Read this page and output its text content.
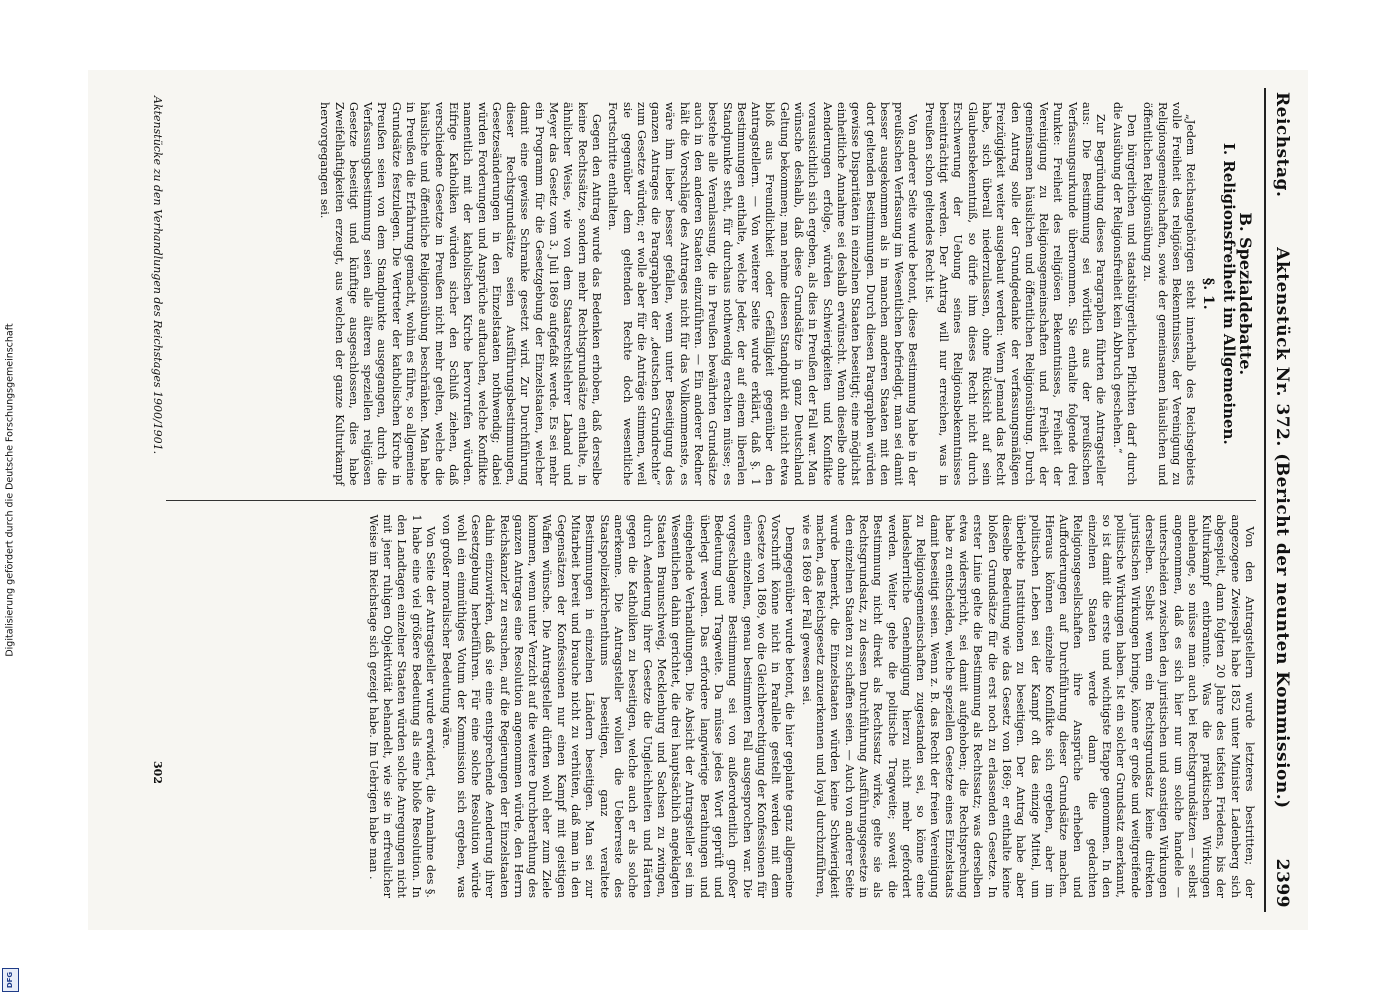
Digitalisierung gefördert durch die Deutsche Forschungsgemeinschaft
DFG
Reichstag.
Aktenstück Nr. 372. (Bericht der neunten Kommission.)
2399
B. Spezialdebatte.
I. Religionsfreiheit im Allgemeinen.
§. 1.

„Jedem Reichsangehörigen steht innerhalb des Reichsgebiets volle Freiheit des religiösen Bekenntnisses, der Vereinigung zu Religionsgemeinschaften, sowie der gemeinsamen häuslichen und öffentlichen Religionsübung zu.

Den bürgerlichen und staatsbürgerlichen Pflichten darf durch die Ausübung der Religionsfreiheit kein Abbruch geschehen.“

Zur Begründung dieses Paragraphen führten die Antragsteller aus: Die Bestimmung sei wörtlich aus der preußischen Verfassungsurkunde übernommen. Sie enthalte folgende drei Punkte: Freiheit des religiösen Bekenntnisses, Freiheit der Vereinigung zu Religionsgemeinschaften und Freiheit der gemeinsamen häuslichen und öffentlichen Religionsübung. Durch den Antrag solle der Grundgedanke der verfassungsmäßigen Freizügigkeit weiter ausgebaut werden: Wenn Jemand das Recht habe, sich überall niederzulassen, ohne Rücksicht auf sein Glaubensbekenntniß, so dürfe ihm dieses Recht nicht durch Erschwerung der Uebung seines Religionsbekenntnisses beeinträchtigt werden. Der Antrag will nur erreichen, was in Preußen schon geltendes Recht ist.

Von anderer Seite wurde betont, diese Bestimmung habe in der preußischen Verfassung im Wesentlichen befriedigt, man sei damit besser ausgekommen als in manchen anderen Staaten mit den dort geltenden Bestimmungen. Durch diesen Paragraphen würden gewisse Disparitäten in einzelnen Staaten beseitigt; eine möglichst einheitliche Annahme sei deshalb erwünscht. Wenn dieselbe ohne Aenderungen erfolge, würden Schwierigkeiten und Konflikte voraussichtlich sich ergeben, als dies in Preußen der Fall war. Man wünsche deshalb, daß diese Grundsätze in ganz Deutschland Geltung bekommen; man nehme diesen Standpunkt ein nicht etwa bloß aus Freundlichkeit oder Gefälligkeit gegenüber den Antragstellern. — Von weiterer Seite wurde erklärt, daß §. 1 Bestimmungen enthalte, welche Jeder, der auf einem liberalen Standpunkte steht, für durchaus nothwendig erachten müsse; es bestehe alle Veranlassung, die in Preußen bewährten Grundsätze auch in den anderen Staaten einzuführen. — Ein anderer Redner hält die Vorschläge des Antrages nicht für das Vollkommenste, es wäre ihm lieber besser gefallen, wenn unter Beseitigung des ganzen Antrages die Paragraphen der „deutschen Grundrechte“ zum Gesetze würden; er wolle aber für die Anträge stimmen, weil sie gegenüber dem geltenden Rechte doch wesentliche Fortschritte enthalten.

Gegen den Antrag wurde das Bedenken erhoben, daß derselbe keine Rechtssätze, sondern mehr Rechtsgrundsätze enthalte, in ähnlicher Weise, wie von dem Staatsrechtslehrer Laband und Meyer das Gesetz vom 3. Juli 1869 aufgefaßt werde. Es sei mehr ein Programm für die Gesetzgebung der Einzelstaaten, welcher damit eine gewisse Schranke gesetzt wird. Zur Durchführung dieser Rechtsgrundsätze seien Ausführungsbestimmungen, Gesetzesänderungen in den Einzelstaaten nothwendig; dabei würden Forderungen und Ansprüche auftauchen, welche Konflikte namentlich mit der katholischen Kirche hervorrufen würden. Eifrige Katholiken würden sicher den Schluß ziehen, daß verschiedene Gesetze in Preußen nicht mehr gelten, welche die häusliche und öffentliche Religionsübung beschränken. Man habe in Preußen die Erfahrung gemacht, wohin es führe, so allgemeine Grundsätze festzulegen. Die Vertreter der katholischen Kirche in Preußen seien von dem Standpunkte ausgegangen, durch die Verfassungsbestimmung seien alle älteren speziellen religiösen Gesetze beseitigt und künftige ausgeschlossen, dies habe Zweifelhaftigkeiten erzeugt, aus welchen der ganze Kulturkampf hervorgegangen sei.

Von den Antragstellern wurde letzteres bestritten; der angezogene Zwiespalt habe 1852 unter Minister Ladenberg sich abgespielt, dann folgten 20 Jahre des tiefsten Friedens, bis der Kulturkampf entbrannte. Was die praktischen Wirkungen anbelange, so müsse man auch bei Rechtsgrundsätzen — selbst angenommen, daß es sich hier nur um solche handele — unterscheiden zwischen den juristischen und sonstigen Wirkungen derselben. Selbst wenn ein Rechtsgrundsatz keine direkten juristischen Wirkungen bringe, könne er große und weitgreifende politische Wirkungen haben. Ist ein solcher Grundsatz anerkannt, so ist damit die erste und wichtigste Etappe genommen. In den einzelnen Staaten werde dann die gedachten Religionsgesellschaften ihre Ansprüche erheben und Aufforderungen auf Durchführung dieser Grundsätze machen. Hieraus können einzelne Konflikte sich ergeben, aber im politischen Leben sei der Kampf oft das einzige Mittel, um überlebte Institutionen zu beseitigen. Der Antrag habe aber dieselbe Bedeutung wie das Gesetz von 1869; er enthalte keine bloßen Grundsätze für die erst noch zu erlassenden Gesetze. In erster Linie gelte die Bestimmung als Rechtssatz; was derselben etwa widerspricht, sei damit aufgehoben; die Rechtsprechung habe zu entscheiden, welche speziellen Gesetze eines Einzelstaats damit beseitigt seien. Wenn z. B. das Recht der freien Vereinigung zu Religionsgemeinschaften zugestanden sei, so könne eine landesherrliche Genehmigung hierzu nicht mehr gefordert werden. Weiter gehe die politische Tragweite; soweit die Bestimmung nicht direkt als Rechtssatz wirke, gelte sie als Rechtsgrundsatz, zu dessen Durchführung Ausführungsgesetze in den einzelnen Staaten zu schaffen seien. — Auch von anderer Seite wurde bemerkt, die Einzelstaaten würden keine Schwierigkeit machen, das Reichsgesetz anzuerkennen und loyal durchzuführen, wie es 1869 der Fall gewesen sei.

Demgegenüber wurde betont, die hier geplante ganz allgemeine Vorschrift könne nicht in Parallele gestellt werden mit dem Gesetze von 1869, wo die Gleichberechtigung der Konfessionen für einen einzelnen, genau bestimmten Fall ausgesprochen war. Die vorgeschlagene Bestimmung sei von außerordentlich großer Bedeutung und Tragweite. Da müsse jedes Wort geprüft und überlegt werden. Das erfordere langwierige Berathungen und eingehende Verhandlungen. Die Absicht der Antragsteller sei im Wesentlichen dahin gerichtet, die drei hauptsächlich angeklagten Staaten Braunschweig, Mecklenburg und Sachsen zu zwingen, durch Aenderung ihrer Gesetze die Ungleichheiten und Härten gegen die Katholiken zu beseitigen, welche auch er als solche anerkenne. Die Antragsteller wollen die Ueberreste des Staatspolizeikirchenthums beseitigen, ganz veraltete Bestimmungen in einzelnen Ländern beseitigen. Man sei zur Mitarbeit bereit und brauche nicht zu verhüten, daß man in den Gegensätzen der Konfessionen nur einen Kampf mit geistigen Waffen wünsche. Die Antragsteller dürften wohl eher zum Ziele kommen, wenn unter Verzicht auf die weitere Durchberathung des ganzen Antrages eine Resolution angenommen würde, den Herrn Reichskanzler zu ersuchen, auf die Regierungen der Einzelstaaten dahin einzuwirken, daß sie eine entsprechende Aenderung ihrer Gesetzgebung herbeiführen. Für eine solche Resolution würde wohl ein einmüthiges Votum der Kommission sich ergeben, was von großer moralischer Bedeutung wäre.

Von Seite der Antragsteller wurde erwidert, die Annahme des §. 1 habe eine viel größere Bedeutung als eine bloße Resolution. In den Landtagen einzelner Staaten würden solche Anregungen nicht mit jener ruhigen Objektivität behandelt, wie sie in erfreulicher Weise im Reichstage sich gezeigt habe. Im Uebrigen habe man .

Aktenstücke zu den Verhandlungen des Reichstages 1900/1901.
302
